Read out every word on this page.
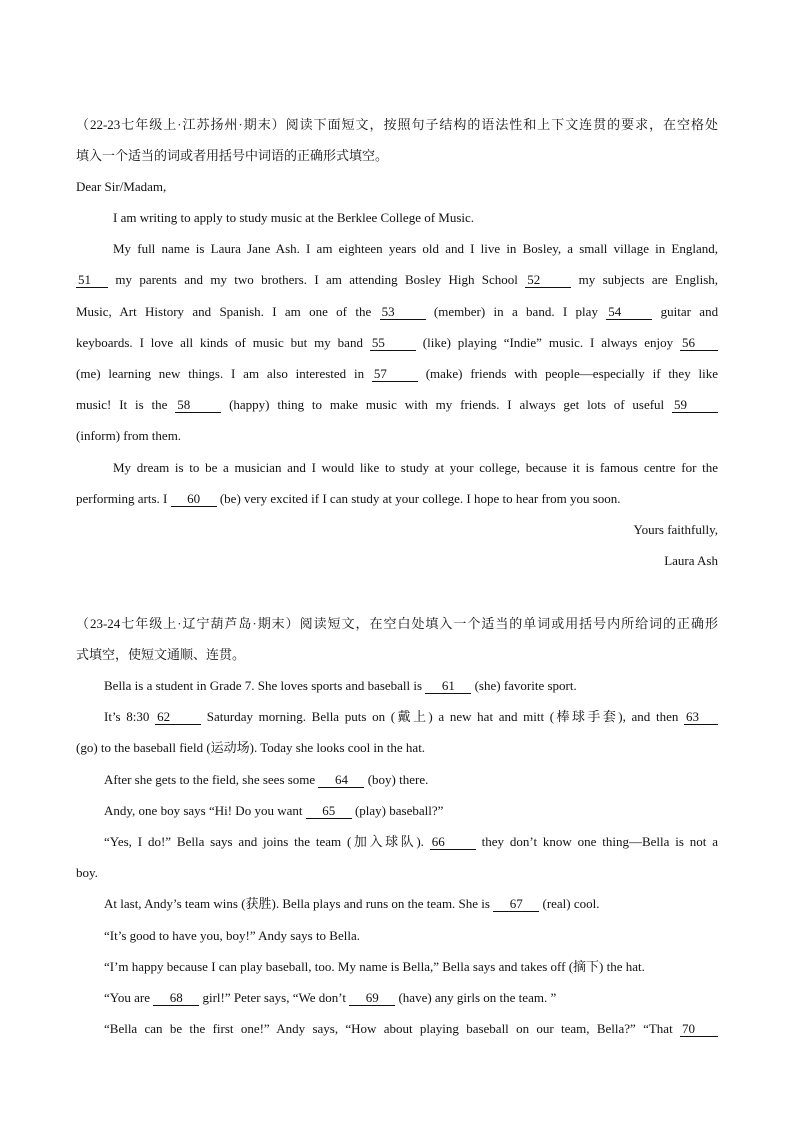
（22-23七年级上·江苏扬州·期末）阅读下面短文，按照句子结构的语法性和上下文连贯的要求，在空格处
填入一个适当的词或者用括号中词语的正确形式填空。
Dear Sir/Madam,
I am writing to apply to study music at the Berklee College of Music.
My full name is Laura Jane Ash. I am eighteen years old and I live in Bosley, a small village in England,
51 my parents and my two brothers. I am attending Bosley High School 52	my subjects are English,
Music, Art History and Spanish. I am one of the 53	(member) in a band. I play 54	guitar and
keyboards. I love all kinds of music but my band 55	(like) playing “Indie” music. I always enjoy 56
(me) learning new things. I am also interested in 57	(make) friends with people—especially if they like
music! It is the 58	(happy) thing to make music with my friends. I always get lots of useful 59
(inform) from them.
My dream is to be a musician and I would like to study at your college, because it is famous centre for the
performing arts. I 60 (be) very excited if I can study at your college. I hope to hear from you soon.
Yours faithfully,
Laura Ash
（23-24七年级上·辽宁葫芦岛·期末）阅读短文，在空白处填入一个适当的单词或用括号内所给词的正确形
式填空，使短文通顺、连贯。
Bella is a student in Grade 7. She loves sports and baseball is 61 (she) favorite sport.
It’s 8:30 62	Saturday morning. Bella puts on (戴上) a new hat and mitt (棒球手套), and then 63
(go) to the baseball field (运动场). Today she looks cool in the hat.
After she gets to the field, she sees some 64 (boy) there.
Andy, one boy says “Hi! Do you want 65 (play) baseball?”
“Yes, I do!” Bella says and joins the team (加入球队). 66	they don’t know one thing—Bella is not a
boy.
At last, Andy’s team wins (获胜). Bella plays and runs on the team. She is 67 (real) cool.
“It’s good to have you, boy!” Andy says to Bella.
“I’m happy because I can play baseball, too. My name is Bella,” Bella says and takes off (摘下) the hat.
“You are 68 girl!” Peter says, “We don’t 69 (have) any girls on the team. ”
“Bella can be the first one!” Andy says, “How about playing baseball on our team, Bella?” “That 70
